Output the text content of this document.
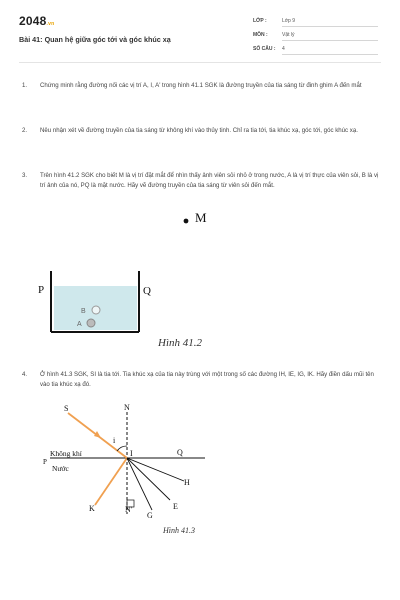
2048.vn
Bài 41: Quan hệ giữa góc tới và góc khúc xạ
LỚP :	Lớp 9
MÔN :	Vật lý
SỐ CÂU :	4
1. Chứng minh rằng đường nối các vị trí A, I, A' trong hình 41.1 SGK là đường truyền của tia sáng từ đinh ghim A đến mắt
2. Nêu nhận xét về đường truyền của tia sáng từ không khí vào thủy tinh. Chỉ ra tia tới, tia khúc xạ, góc tới, góc khúc xạ.
3. Trên hình 41.2 SGK cho biết M là vị trí đặt mắt để nhìn thấy ảnh viên sỏi nhỏ ở trong nước, A là vị trí thực của viên sỏi, B là vị trí ảnh của nó, PQ là mặt nước. Hãy vẽ đường truyền của tia sáng từ viên sỏi đến mắt.
M
P	Q
B
A
Hình 41.2
4. Ở hình 41.3 SGK, SI là tia tới. Tia khúc xạ của tia này trùng với một trong số các đường IH, IE, IG, IK. Hãy điền dấu mũi tên vào tia khúc xạ đó.
S	N
i
I
P
Q
Không khí
Nước
H
E
G
K	N'
Hình 41.3
